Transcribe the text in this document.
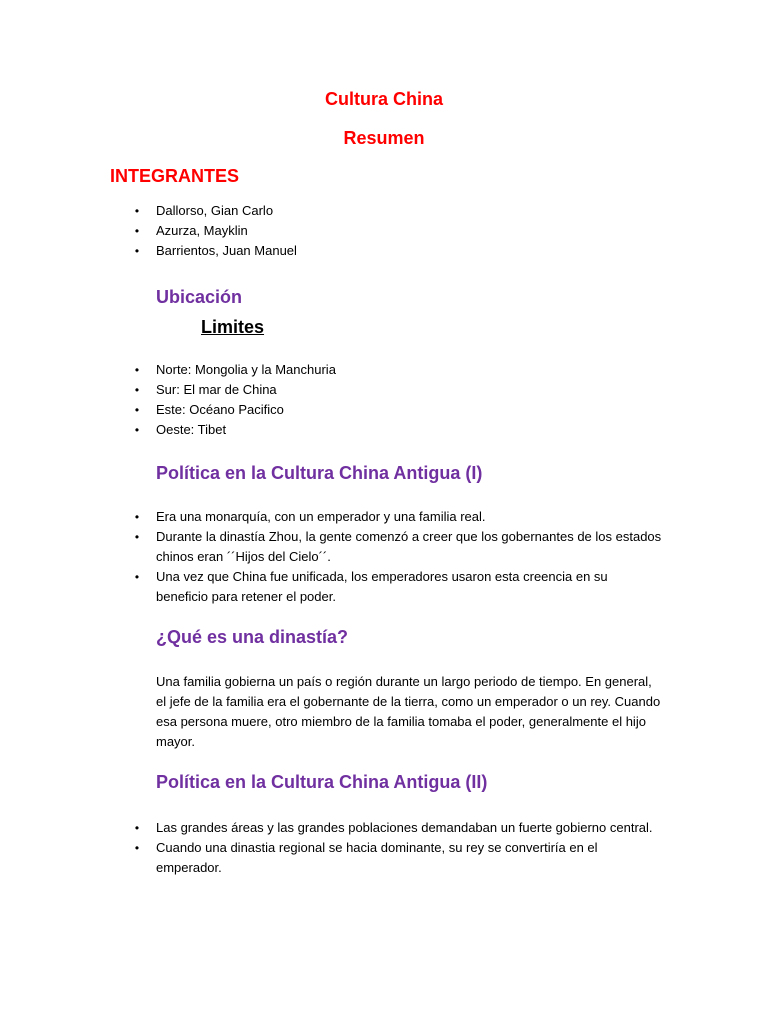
Cultura China
Resumen
INTEGRANTES
• Dallorso, Gian Carlo
• Azurza, Mayklin
• Barrientos, Juan Manuel
Ubicación
Limites
• Norte: Mongolia y la Manchuria
• Sur: El mar de China
• Este: Océano Pacifico
• Oeste: Tibet
Política en la Cultura China Antigua (I)
• Era una monarquía, con un emperador y una familia real.
• Durante la dinastía Zhou, la gente comenzó a creer que los gobernantes de los estados chinos eran ´´Hijos del Cielo´´.
• Una vez que China fue unificada, los emperadores usaron esta creencia en su beneficio para retener el poder.
¿Qué es una dinastía?

Una familia gobierna un país o región durante un largo periodo de tiempo. En general, el jefe de la familia era el gobernante de la tierra, como un emperador o un rey. Cuando esa persona muere, otro miembro de la familia tomaba el poder, generalmente el hijo mayor.

Política en la Cultura China Antigua (II)
• Las grandes áreas y las grandes poblaciones demandaban un fuerte gobierno central.
• Cuando una dinastia regional se hacia dominante, su rey se convertiría en el emperador.
